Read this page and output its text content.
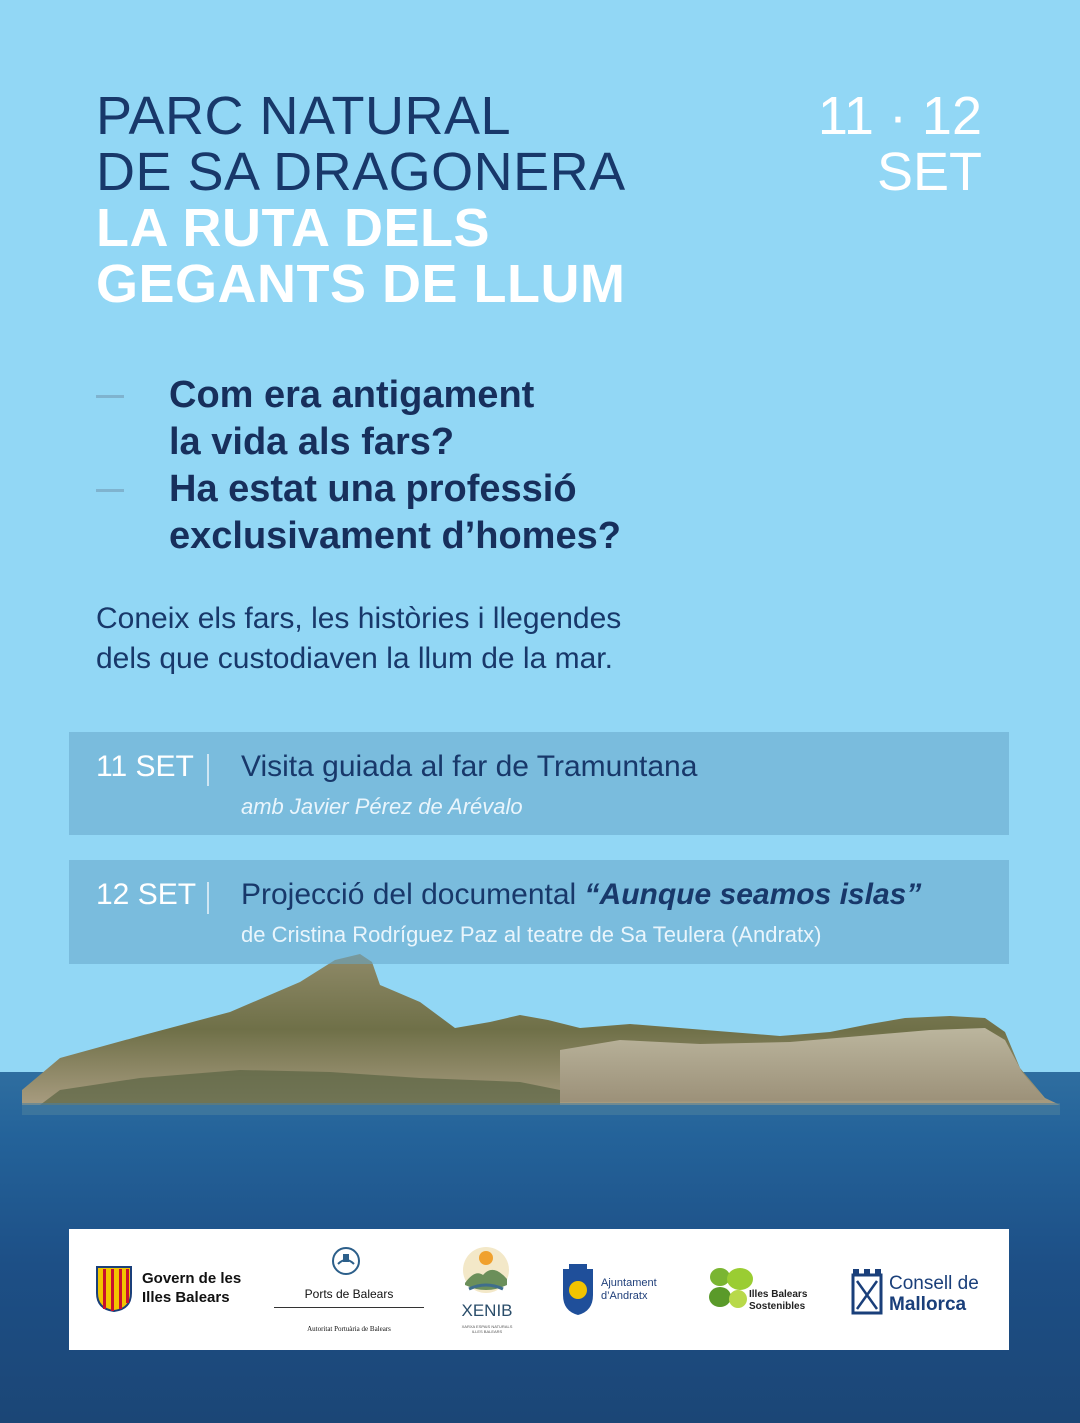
PARC NATURAL
DE SA DRAGONERA
LA RUTA DELS
GEGANTS DE LLUM
11 · 12
SET
Com era antigament
la vida als fars?
Ha estat una professió
exclusivament d’homes?
Coneix els fars, les històries i llegendes
dels que custodiaven la llum de la mar.
11 SET Visita guiada al far de Tramuntana
amb Javier Pérez de Arévalo
12 SET Projecció del documental “Aunque seamos islas”
de Cristina Rodríguez Paz al teatre de Sa Teulera (Andratx)
Govern de les
Illes Balears	Ports de Balears
Autoritat Portuària de Balears
XENIB
XARXA ESPAIS NATURALS
ILLES BALEARS
Ajuntament
d’Andratx	Illes Balears
Sostenibles
Consell de
Mallorca
